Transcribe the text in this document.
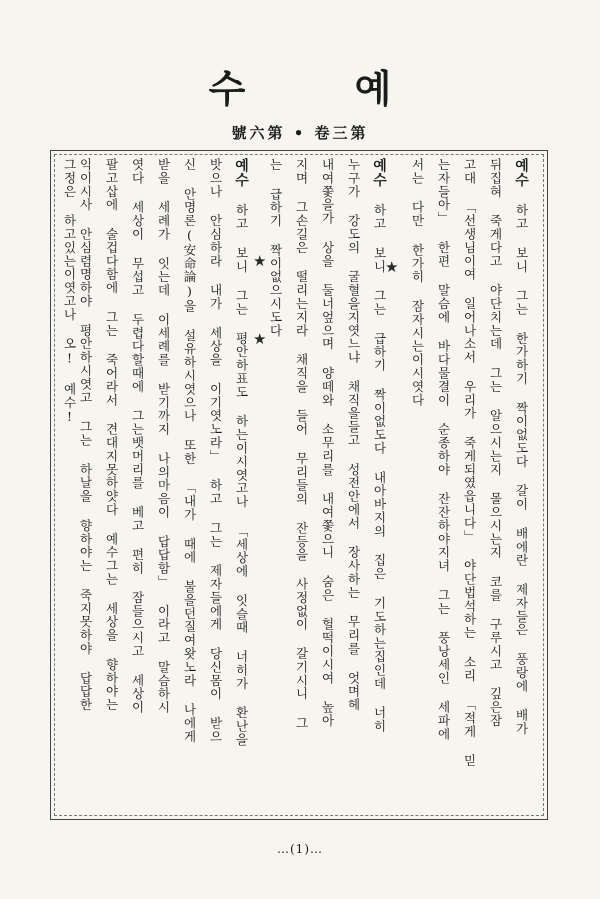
수 예
號六第 • 卷三第
예수 하고 보니 그는 한가하기 짝이없도다 갈이 배에란 제자들은 풍랑에 배가
뒤집혀 죽게다고 야단치는데 그는 알으시는지 몰으시는지 코를 구루시고 깊은잠
고대 「선생님이여 일어나소서 우리가 죽게되였읍니다」 야단법석하는 소리 「적게 믿
는자들아」 한편 말슴에 바다물결이 순종하야 잔잔하야지녀 그는 풍낭세인 세파에
서는 다만 한가히 잠자시는이시엿다
★
예수 하고 보니 그는 급하기 짝이없도다 내아바지의 집은 기도하는집인데 너히
누구가 강도의 굴혈을지엿느냐 채직을들고 성전안에서 장사하는 무리를 엇며헤
내여쫓을가 상을 둘너엎으며 양떼와 소무리를 내여쫓으니 숨은 헐떡이시여 높아
지며 그손길은 떨리는지라 채직을 들어 무리들의 잔등을 사정없이 갈기시니 그
는 급하기 짝이없으시도다
★
★
예수 하고 보니 그는 평안하표도 하는이시엿고나 「세상에 잇슬때 너히가 환난을
밧으나 안심하라 내가 세상을 이기엿노라」 하고 그는 제자들에게 당신몸이 받으
신 안명론(安命論)을 설유하시엿으나 또한 「내가 때에 불을던질여왓노라 나에게
받을 세례가 잇는데 이세례를 받기까지 나의마음이 답답함」 이라고 말슴하시
엿다 세상이 무섭고 두렵다할때에 그는뱃머리를 베고 편히 잠들으시고 세상이
팔고삽에 술겁다함에 그는 죽어라서 견대지못하얏다 예수그는 세상을 향하야는
익이시사 안심렴명하야 평안하시엿고 그는 하날을 향하야는 죽지못하야 답답한
그정은 하고있는이엿고나 오! 예수!
…(1)…
